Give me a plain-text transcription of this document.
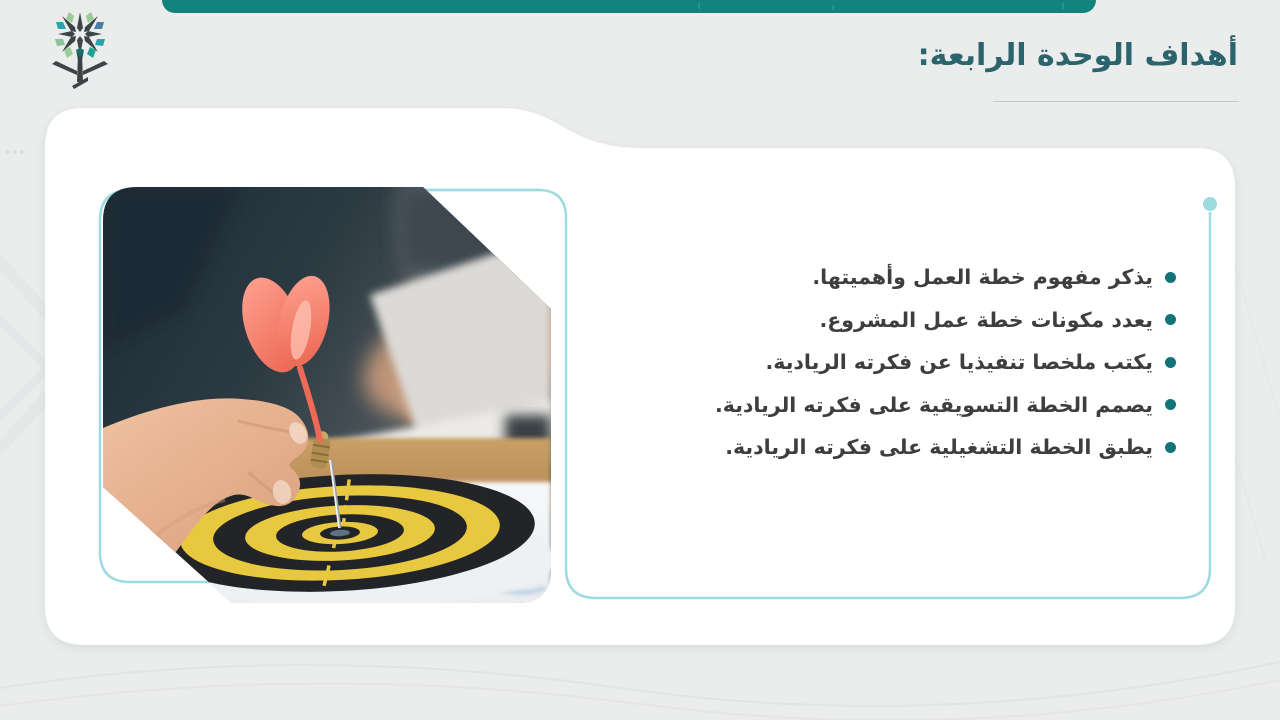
أهداف الوحدة الرابعة:
يذكر مفهوم خطة العمل وأهميتها.
يعدد مكونات خطة عمل المشروع.
يكتب ملخصا تنفيذيا عن فكرته الريادية.
يصمم الخطة التسويقية على فكرته الريادية.
يطبق الخطة التشغيلية على فكرته الريادية.
